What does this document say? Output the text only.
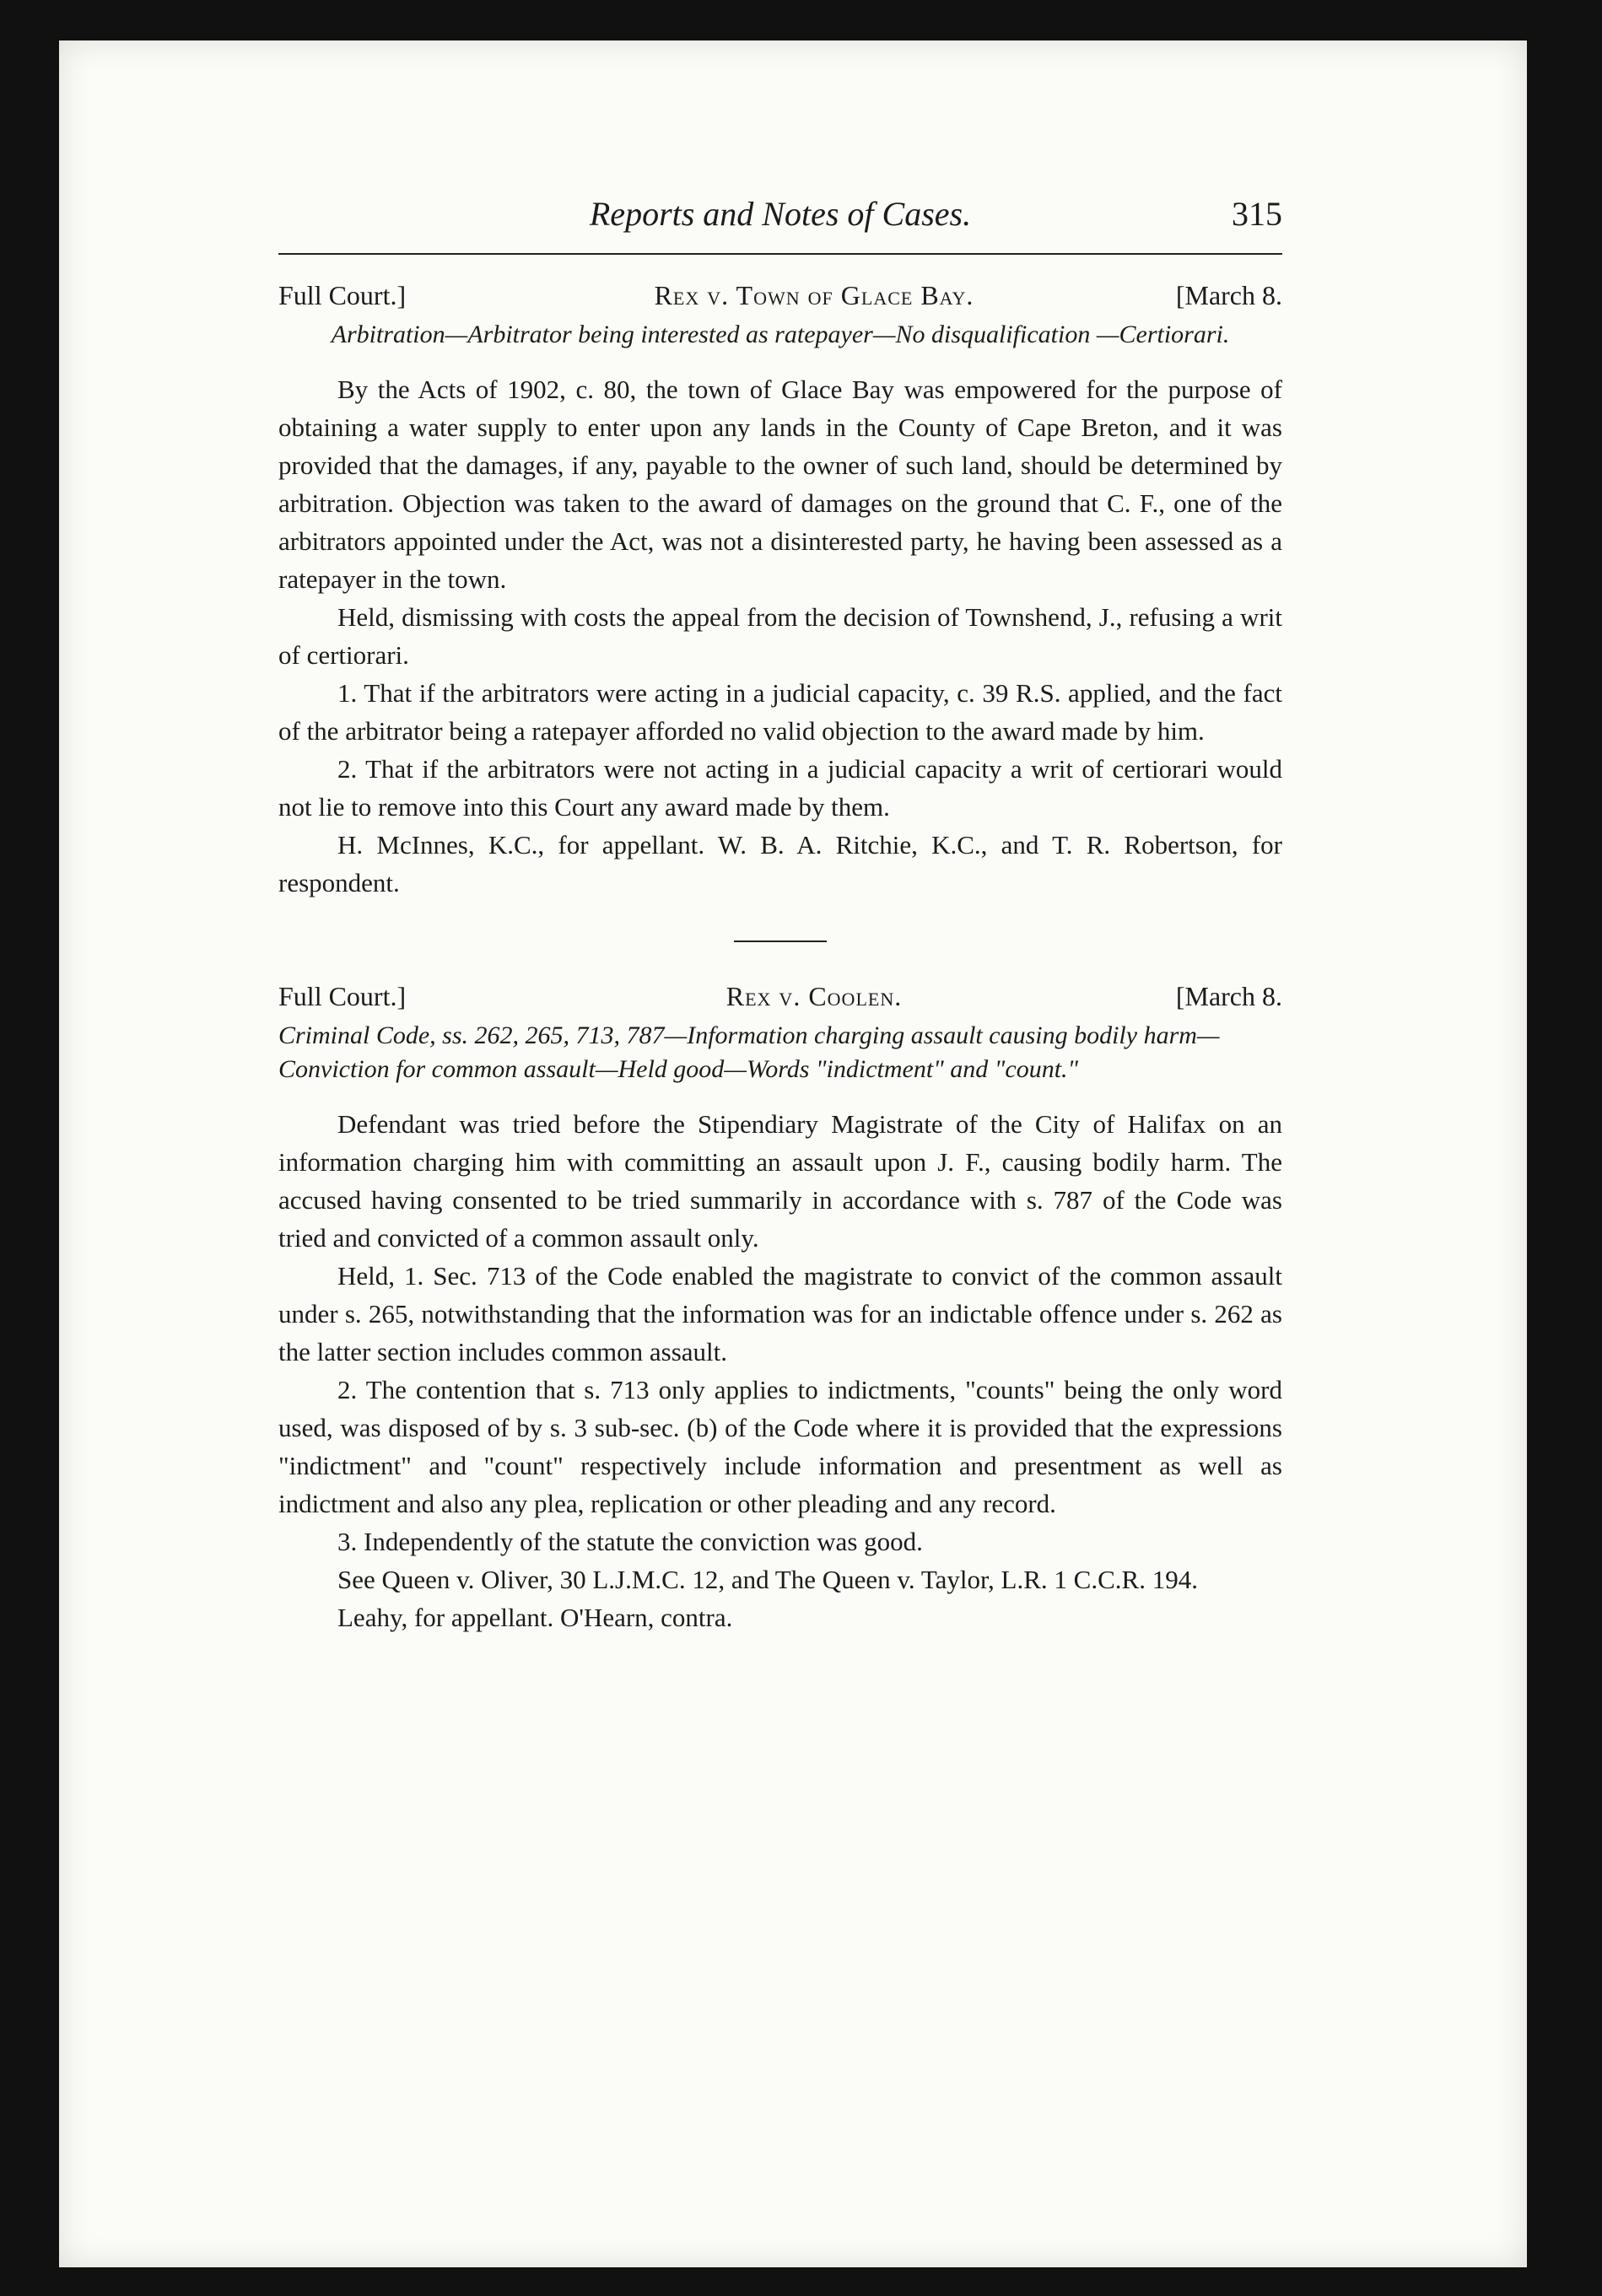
Reports and Notes of Cases.	315
Full Court.]	Rex v. Town of Glace Bay.	[March 8.
Arbitration—Arbitrator being interested as ratepayer—No disqualification —Certiorari.

By the Acts of 1902, c. 80, the town of Glace Bay was empowered for the purpose of obtaining a water supply to enter upon any lands in the County of Cape Breton, and it was provided that the damages, if any, payable to the owner of such land, should be determined by arbitration. Objection was taken to the award of damages on the ground that C. F., one of the arbitrators appointed under the Act, was not a disinterested party, he having been assessed as a ratepayer in the town.

Held, dismissing with costs the appeal from the decision of Townshend, J., refusing a writ of certiorari.

1. That if the arbitrators were acting in a judicial capacity, c. 39 R.S. applied, and the fact of the arbitrator being a ratepayer afforded no valid objection to the award made by him.

2. That if the arbitrators were not acting in a judicial capacity a writ of certiorari would not lie to remove into this Court any award made by them.

H. McInnes, K.C., for appellant. W. B. A. Ritchie, K.C., and T. R. Robertson, for respondent.

Full Court.]	Rex v. Coolen.	[March 8.
Criminal Code, ss. 262, 265, 713, 787—Information charging assault causing bodily harm—Conviction for common assault—Held good—Words "indictment" and "count."

Defendant was tried before the Stipendiary Magistrate of the City of Halifax on an information charging him with committing an assault upon J. F., causing bodily harm. The accused having consented to be tried summarily in accordance with s. 787 of the Code was tried and convicted of a common assault only.

Held, 1. Sec. 713 of the Code enabled the magistrate to convict of the common assault under s. 265, notwithstanding that the information was for an indictable offence under s. 262 as the latter section includes common assault.

2. The contention that s. 713 only applies to indictments, "counts" being the only word used, was disposed of by s. 3 sub-sec. (b) of the Code where it is provided that the expressions "indictment" and "count" respectively include information and presentment as well as indictment and also any plea, replication or other pleading and any record.

3. Independently of the statute the conviction was good.

See Queen v. Oliver, 30 L.J.M.C. 12, and The Queen v. Taylor, L.R. 1 C.C.R. 194.

Leahy, for appellant. O'Hearn, contra.
